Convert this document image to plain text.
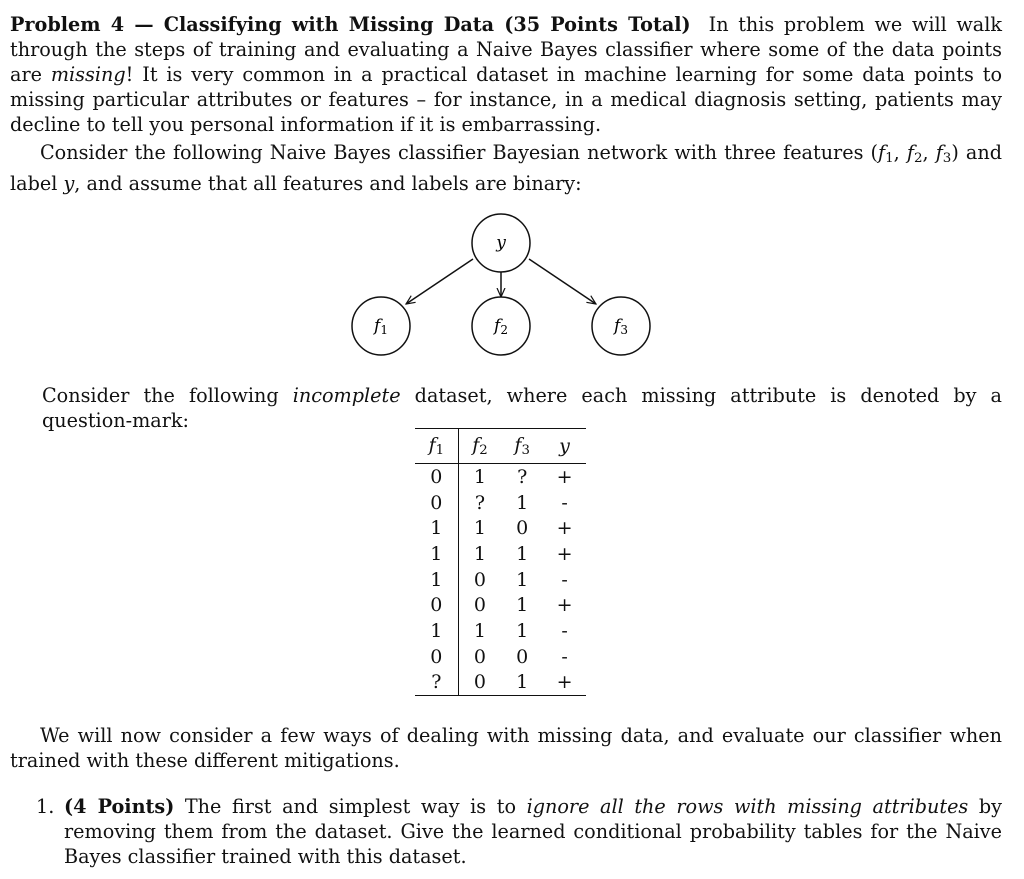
Problem 4 — Classifying with Missing Data (35 Points Total) In this problem we will walk through the steps of training and evaluating a Naive Bayes classifier where some of the data points are missing! It is very common in a practical dataset in machine learning for some data points to missing particular attributes or features – for instance, in a medical diagnosis setting, patients may decline to tell you personal information if it is embarrassing.
Consider the following Naive Bayes classifier Bayesian network with three features ($f_1$, $f_2$, $f_3$) and label y, and assume that all features and labels are binary:
y
f1	f2	f3
Consider the following incomplete dataset, where each missing attribute is denoted by a question-mark:
$f_1$	$f_2$	$f_3$	y
0	1	?	+
0	?	1	-
1	1	0	+
1	1	1	+
1	0	1	-
0	0	1	+
1	1	1	-
0	0	0	-
?	0	1	+
We will now consider a few ways of dealing with missing data, and evaluate our classifier when trained with these different mitigations.
1. (4 Points) The first and simplest way is to ignore all the rows with missing attributes by removing them from the dataset. Give the learned conditional probability tables for the Naive Bayes classifier trained with this dataset.
